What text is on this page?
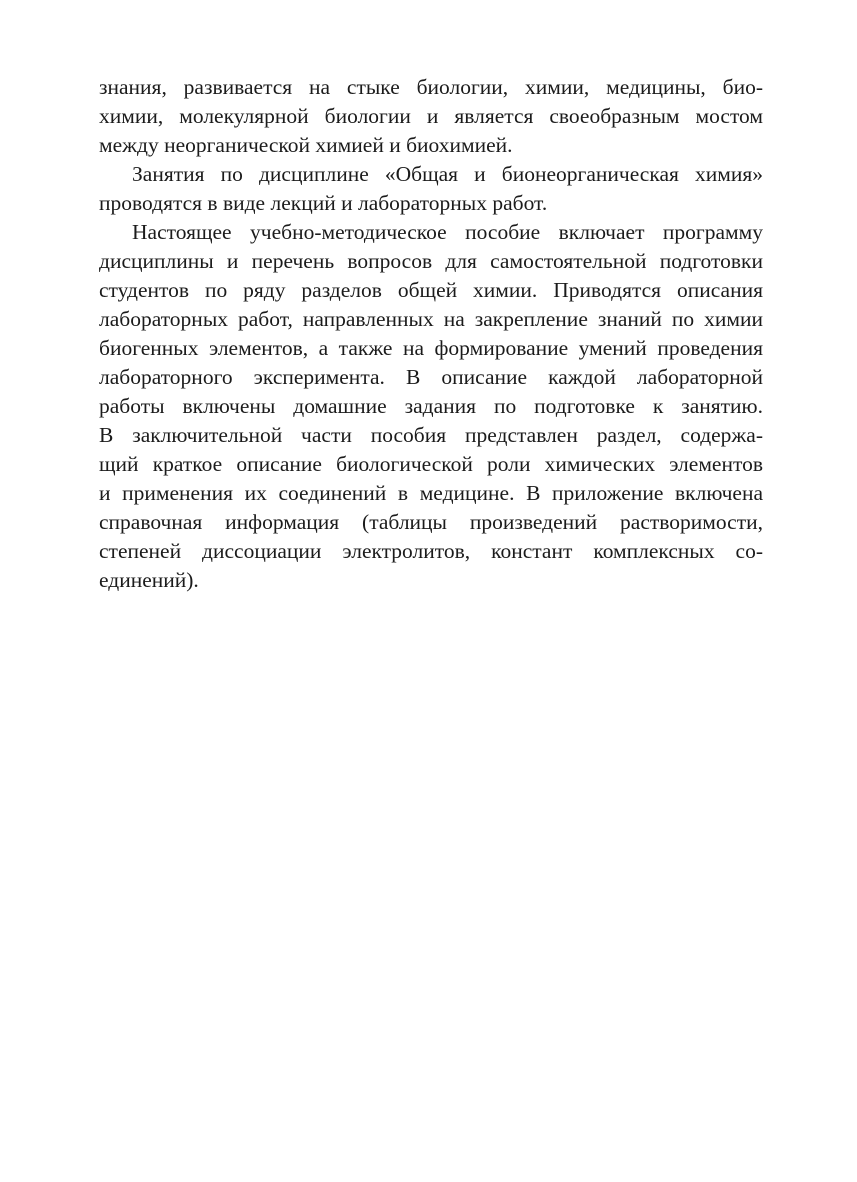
знания, развивается на стыке биологии, химии, медицины, био-
химии, молекулярной биологии и является своеобразным мостом
между неорганической химией и биохимией.
Занятия по дисциплине «Общая и бионеорганическая химия»
проводятся в виде лекций и лабораторных работ.
Настоящее учебно-методическое пособие включает программу
дисциплины и перечень вопросов для самостоятельной подготовки
студентов по ряду разделов общей химии. Приводятся описания
лабораторных работ, направленных на закрепление знаний по химии
биогенных элементов, а также на формирование умений проведения
лабораторного эксперимента. В описание каждой лабораторной
работы включены домашние задания по подготовке к занятию.
В заключительной части пособия представлен раздел, содержа-
щий краткое описание биологической роли химических элементов
и применения их соединений в медицине. В приложение включена
справочная информация (таблицы произведений растворимости,
степеней диссоциации электролитов, констант комплексных со-
единений).
